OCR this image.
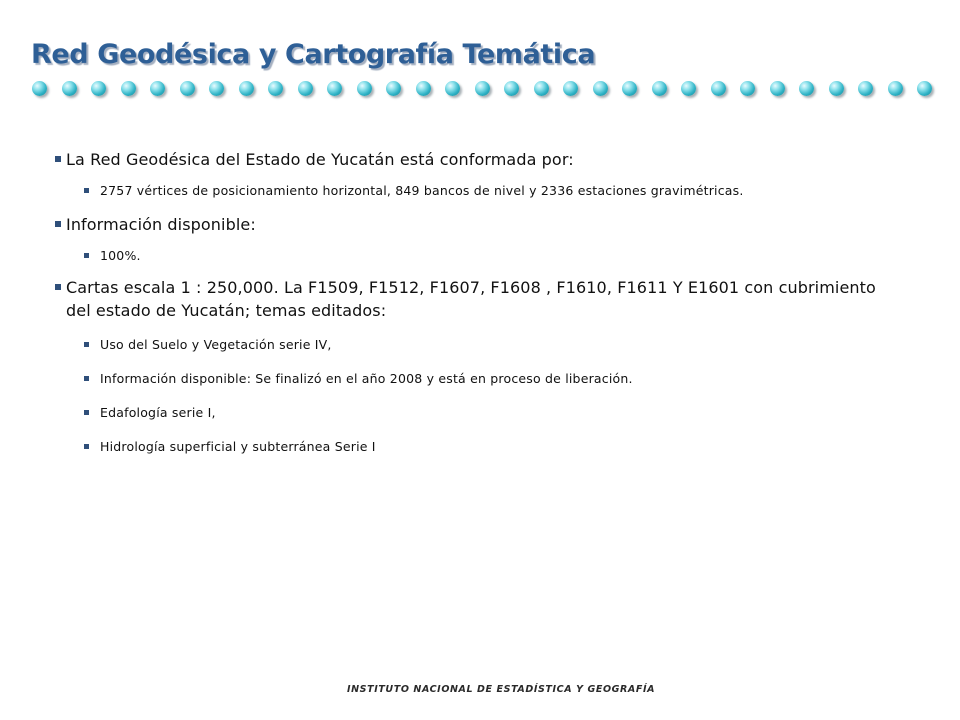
Red Geodésica y Cartografía Temática

La Red Geodésica del Estado de Yucatán está conformada por:

2757 vértices de posicionamiento horizontal, 849 bancos de nivel y 2336 estaciones gravimétricas.

Información disponible:

100%.

Cartas escala 1 : 250,000. La F1509, F1512, F1607, F1608 , F1610, F1611 Y E1601 con cubrimiento del estado de Yucatán; temas editados:

Uso del Suelo y Vegetación serie IV,

Información disponible: Se finalizó en el año 2008 y está en proceso de liberación.

Edafología serie I,

Hidrología superficial y subterránea Serie I

INSTITUTO NACIONAL DE ESTADÍSTICA Y GEOGRAFÍA
